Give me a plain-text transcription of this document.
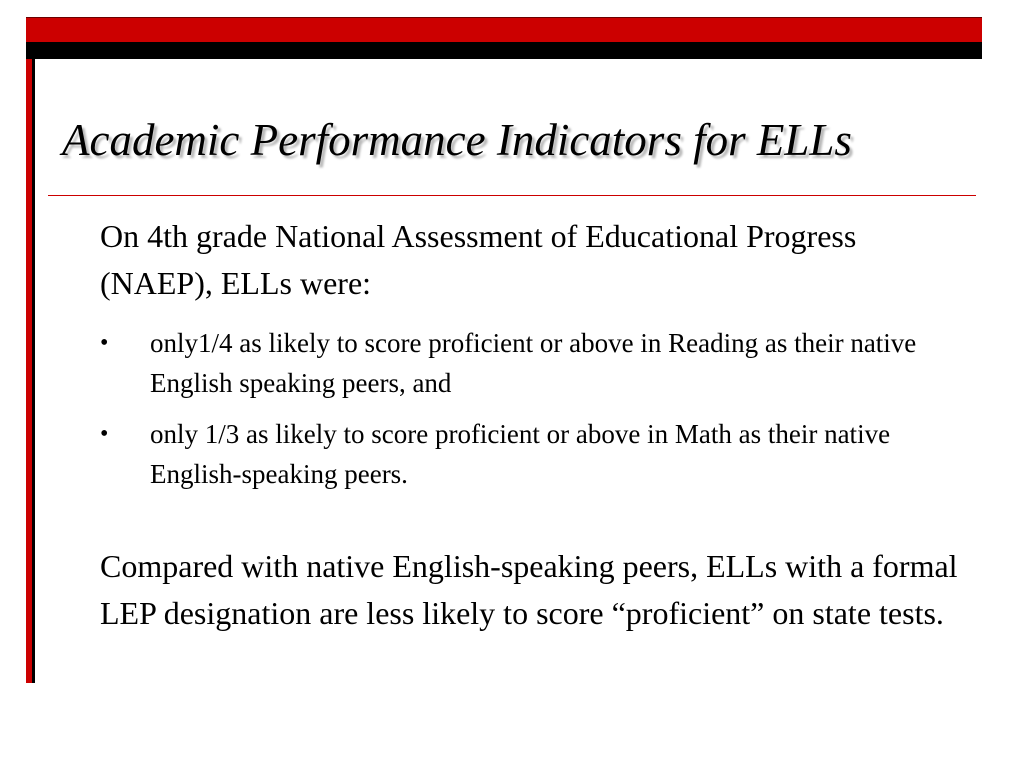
Academic Performance Indicators for ELLs

On 4th grade National Assessment of Educational Progress (NAEP), ELLs were:

• only1/4 as likely to score proficient or above in Reading as their native English speaking peers, and
• only 1/3 as likely to score proficient or above in Math as their native English-speaking peers.

Compared with native English-speaking peers, ELLs with a formal LEP designation are less likely to score “proficient” on state tests.
